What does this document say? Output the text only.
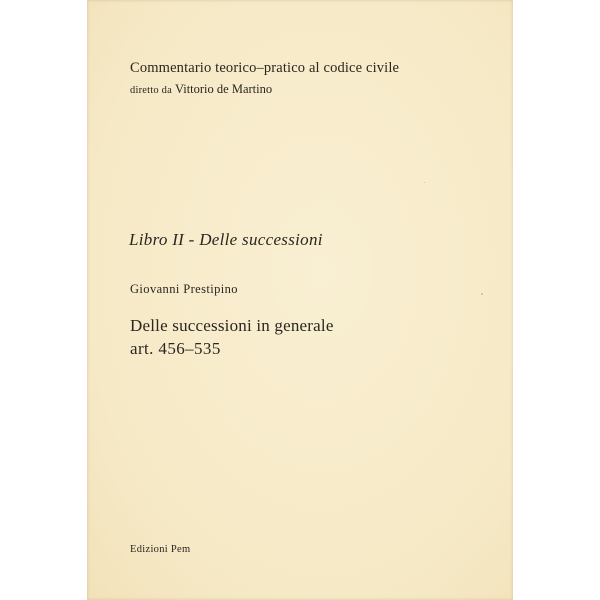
Commentario teorico–pratico al codice civile
diretto da Vittorio de Martino
Libro II - Delle successioni
Giovanni Prestipino
Delle successioni in generale
art. 456–535
Edizioni Pem
